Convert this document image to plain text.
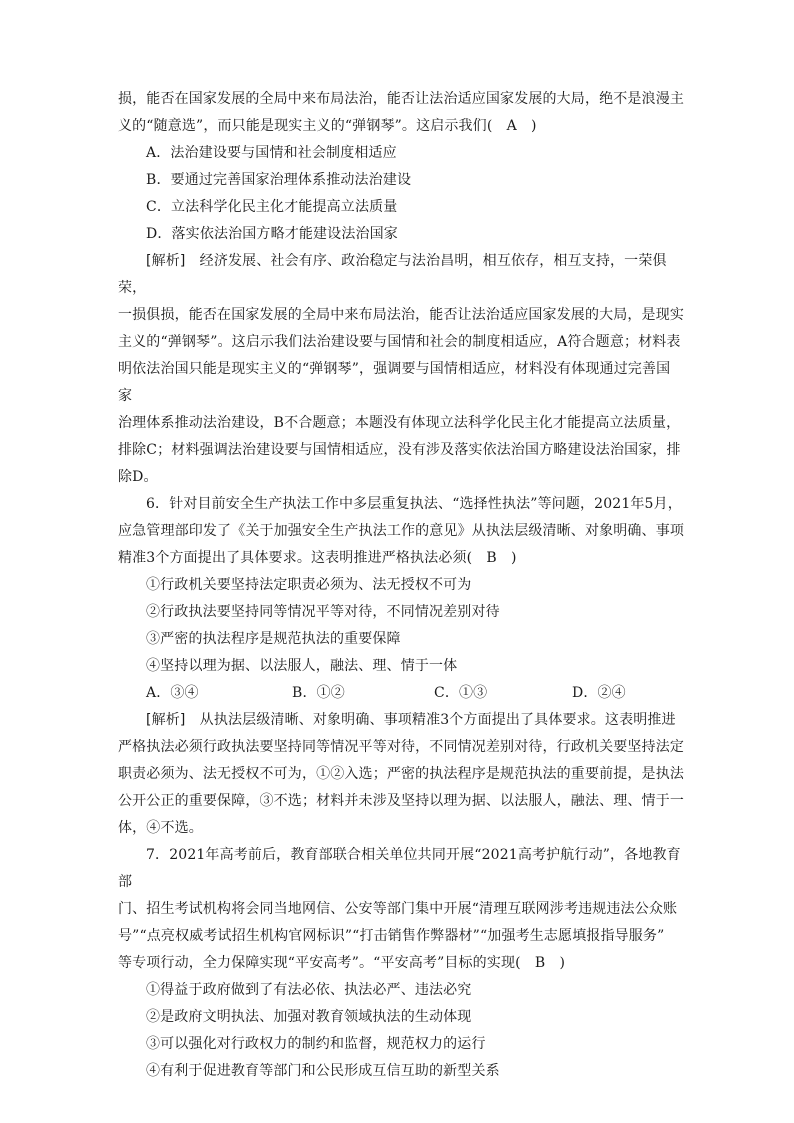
损，能否在国家发展的全局中来布局法治，能否让法治适应国家发展的大局，绝不是浪漫主

义的“随意选”，而只能是现实主义的“弹钢琴”。这启示我们(　A　)

A．法治建设要与国情和社会制度相适应

B．要通过完善国家治理体系推动法治建设

C．立法科学化民主化才能提高立法质量

D．落实依法治国方略才能建设法治国家

[解析]　经济发展、社会有序、政治稳定与法治昌明，相互依存，相互支持，一荣俱荣，

一损俱损，能否在国家发展的全局中来布局法治，能否让法治适应国家发展的大局，是现实

主义的“弹钢琴”。这启示我们法治建设要与国情和社会的制度相适应，A符合题意；材料表

明依法治国只能是现实主义的“弹钢琴”，强调要与国情相适应，材料没有体现通过完善国家

治理体系推动法治建设，B不合题意；本题没有体现立法科学化民主化才能提高立法质量，

排除C；材料强调法治建设要与国情相适应，没有涉及落实依法治国方略建设法治国家，排

除D。

6．针对目前安全生产执法工作中多层重复执法、“选择性执法”等问题，2021年5月，

应急管理部印发了《关于加强安全生产执法工作的意见》从执法层级清晰、对象明确、事项

精准3个方面提出了具体要求。这表明推进严格执法必须(　B　)

①行政机关要坚持法定职责必须为、法无授权不可为

②行政执法要坚持同等情况平等对待，不同情况差别对待

③严密的执法程序是规范执法的重要保障

④坚持以理为据、以法服人，融法、理、情于一体

A．③④	B．①②	C．①③	D．②④

[解析]　从执法层级清晰、对象明确、事项精准3个方面提出了具体要求。这表明推进

严格执法必须行政执法要坚持同等情况平等对待，不同情况差别对待，行政机关要坚持法定

职责必须为、法无授权不可为，①②入选；严密的执法程序是规范执法的重要前提，是执法

公开公正的重要保障，③不选；材料并未涉及坚持以理为据、以法服人，融法、理、情于一

体，④不选。

7．2021年高考前后，教育部联合相关单位共同开展“2021高考护航行动”，各地教育部

门、招生考试机构将会同当地网信、公安等部门集中开展“清理互联网涉考违规违法公众账

号”“点亮权威考试招生机构官网标识”“打击销售作弊器材”“加强考生志愿填报指导服务”

等专项行动，全力保障实现“平安高考”。“平安高考”目标的实现(　B　)

①得益于政府做到了有法必依、执法必严、违法必究

②是政府文明执法、加强对教育领域执法的生动体现

③可以强化对行政权力的制约和监督，规范权力的运行

④有利于促进教育等部门和公民形成互信互助的新型关系
